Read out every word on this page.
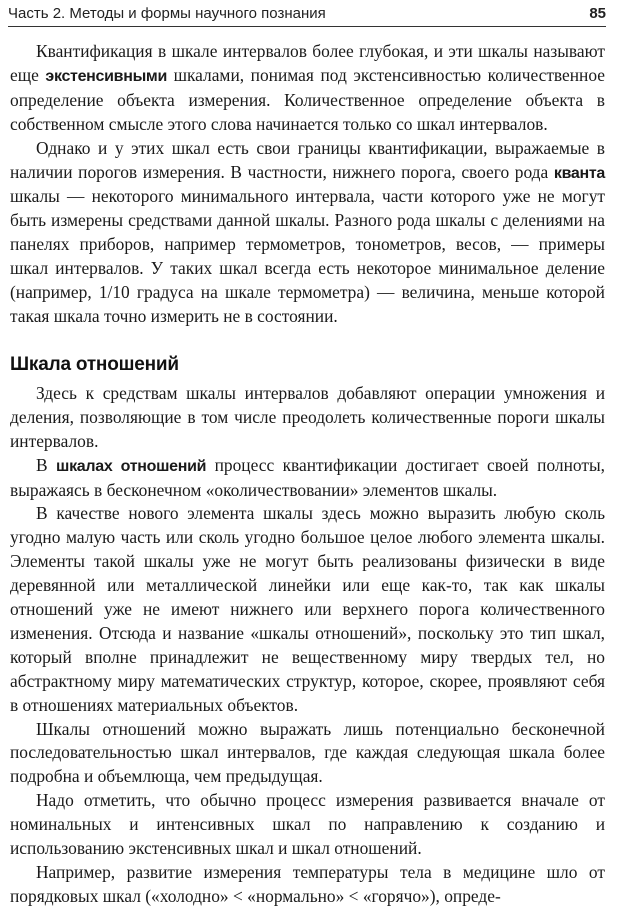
Часть 2. Методы и формы научного познания	85

Квантификация в шкале интервалов более глубокая, и эти шкалы называют еще экстенсивными шкалами, понимая под экстенсивностью количественное определение объекта измерения. Количественное определение объекта в собственном смысле этого слова начинается только со шкал интервалов.

Однако и у этих шкал есть свои границы квантификации, выражаемые в наличии порогов измерения. В частности, нижнего порога, своего рода кванта шкалы — некоторого минимального интервала, части которого уже не могут быть измерены средствами данной шкалы. Разного рода шкалы с делениями на панелях приборов, например термометров, тонометров, весов, — примеры шкал интервалов. У таких шкал всегда есть некоторое минимальное деление (например, 1/10 градуса на шкале термометра) — величина, меньше которой такая шкала точно измерить не в состоянии.

Шкала отношений

Здесь к средствам шкалы интервалов добавляют операции умножения и деления, позволяющие в том числе преодолеть количественные пороги шкалы интервалов.

В шкалах отношений процесс квантификации достигает своей полноты, выражаясь в бесконечном «околичествовании» элементов шкалы.

В качестве нового элемента шкалы здесь можно выразить любую сколь угодно малую часть или сколь угодно большое целое любого элемента шкалы. Элементы такой шкалы уже не могут быть реализованы физически в виде деревянной или металлической линейки или еще как-то, так как шкалы отношений уже не имеют нижнего или верхнего порога количественного изменения. Отсюда и название «шкалы отношений», поскольку это тип шкал, который вполне принадлежит не вещественному миру твердых тел, но абстрактному миру математических структур, которое, скорее, проявляют себя в отношениях материальных объектов.

Шкалы отношений можно выражать лишь потенциально бесконечной последовательностью шкал интервалов, где каждая следующая шкала более подробна и объемлюща, чем предыдущая.

Надо отметить, что обычно процесс измерения развивается вначале от номинальных и интенсивных шкал по направлению к созданию и использованию экстенсивных шкал и шкал отношений.

Например, развитие измерения температуры тела в медицине шло от порядковых шкал («холодно» < «нормально» < «горячо»), опреде-
